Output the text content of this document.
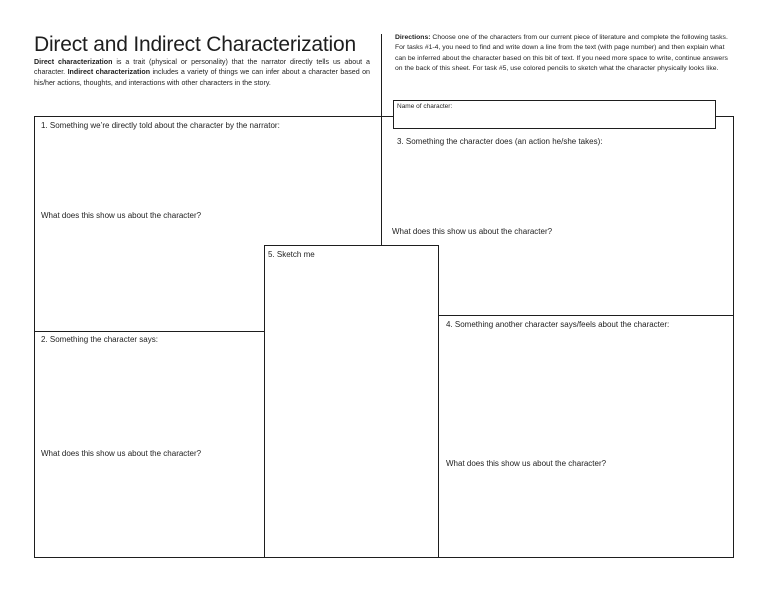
Direct and Indirect Characterization
Direct characterization is a trait (physical or personality) that the narrator directly tells us about a character. Indirect characterization includes a variety of things we can infer about a character based on his/her actions, thoughts, and interactions with other characters in the story.
Directions: Choose one of the characters from our current piece of literature and complete the following tasks. For tasks #1-4, you need to find and write down a line from the text (with page number) and then explain what can be inferred about the character based on this bit of text. If you need more space to write, continue answers on the back of this sheet. For task #5, use colored pencils to sketch what the character physically looks like.
Name of character:
1. Something we’re directly told about the character by the narrator:
What does this show us about the character?
3. Something the character does (an action he/she takes):
What does this show us about the character?
5. Sketch me
2. Something the character says:
What does this show us about the character?
4. Something another character says/feels about the character:
What does this show us about the character?
